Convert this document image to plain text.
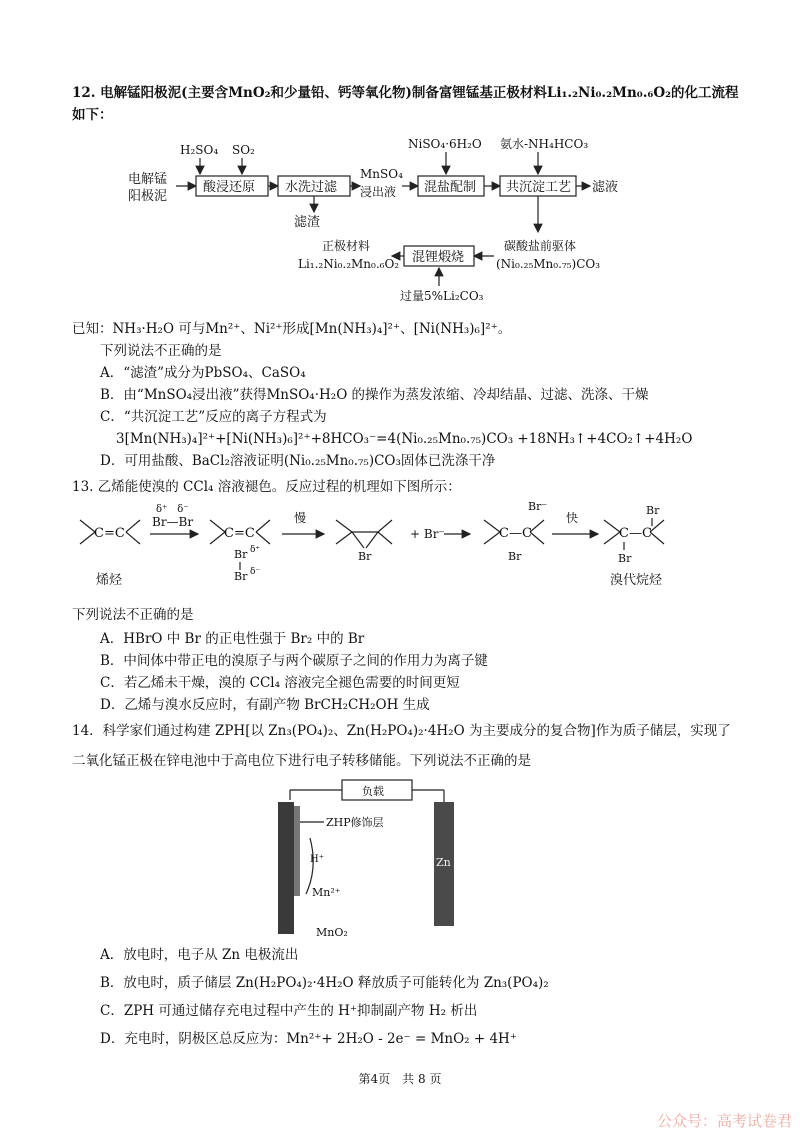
12. 电解锰阳极泥(主要含MnO₂和少量铅、钙等氧化物)制备富锂锰基正极材料Li₁.₂Ni₀.₂Mn₀.₆O₂的化工流程
如下：
电解锰
阳极泥
H₂SO₄ SO₂
酸浸还原 水洗过滤
滤渣
MnSO₄
浸出液
NiSO₄·6H₂O
混盐配制
氨水-NH₄HCO₃
共沉淀工艺 滤液
碳酸盐前驱体
(Ni₀.₂₅Mn₀.₇₅)CO₃
混锂煅烧
正极材料
Li₁.₂Ni₀.₂Mn₀.₆O₂
过量5%Li₂CO₃
已知：NH₃·H₂O 可与Mn²⁺、Ni²⁺形成[Mn(NH₃)₄]²⁺、[Ni(NH₃)₆]²⁺。
下列说法不正确的是
A．“滤渣”成分为PbSO₄、CaSO₄
B．由“MnSO₄浸出液”获得MnSO₄·H₂O 的操作为蒸发浓缩、冷却结晶、过滤、洗涤、干燥
C．“共沉淀工艺”反应的离子方程式为
3[Mn(NH₃)₄]²⁺+[Ni(NH₃)₆]²⁺+8HCO₃⁻=4(Ni₀.₂₅Mn₀.₇₅)CO₃ +18NH₃↑+4CO₂↑+4H₂O
D．可用盐酸、BaCl₂溶液证明(Ni₀.₂₅Mn₀.₇₅)CO₃固体已洗涤干净
13. 乙烯能使溴的 CCl₄ 溶液褪色。反应过程的机理如下图所示：
C=C
烯烃
δ⁺　δ⁻
Br—Br
C=C
Br δ⁺
Br δ⁻
慢
Br
+ Br⁻
Br⁻
C—C
Br
快
Br
C—C
Br
溴代烷烃
下列说法不正确的是
A．HBrO 中 Br 的正电性强于 Br₂ 中的 Br
B．中间体中带正电的溴原子与两个碳原子之间的作用力为离子键
C．若乙烯未干燥，溴的 CCl₄ 溶液完全褪色需要的时间更短
D．乙烯与溴水反应时，有副产物 BrCH₂CH₂OH 生成
14．科学家们通过构建 ZPH[以 Zn₃(PO₄)₂、Zn(H₂PO₄)₂·4H₂O 为主要成分的复合物]作为质子储层，实现了
二氧化锰正极在锌电池中于高电位下进行电子转移储能。下列说法不正确的是
负载
ZHP修饰层
H⁺
Mn²⁺
MnO₂
Zn
A．放电时，电子从 Zn 电极流出
B．放电时，质子储层 Zn(H₂PO₄)₂·4H₂O 释放质子可能转化为 Zn₃(PO₄)₂
C．ZPH 可通过储存充电过程中产生的 H⁺抑制副产物 H₂ 析出
D．充电时，阴极区总反应为：Mn²⁺+ 2H₂O - 2e⁻ = MnO₂ + 4H⁺
第4页　共 8 页
公众号：高考试卷君
